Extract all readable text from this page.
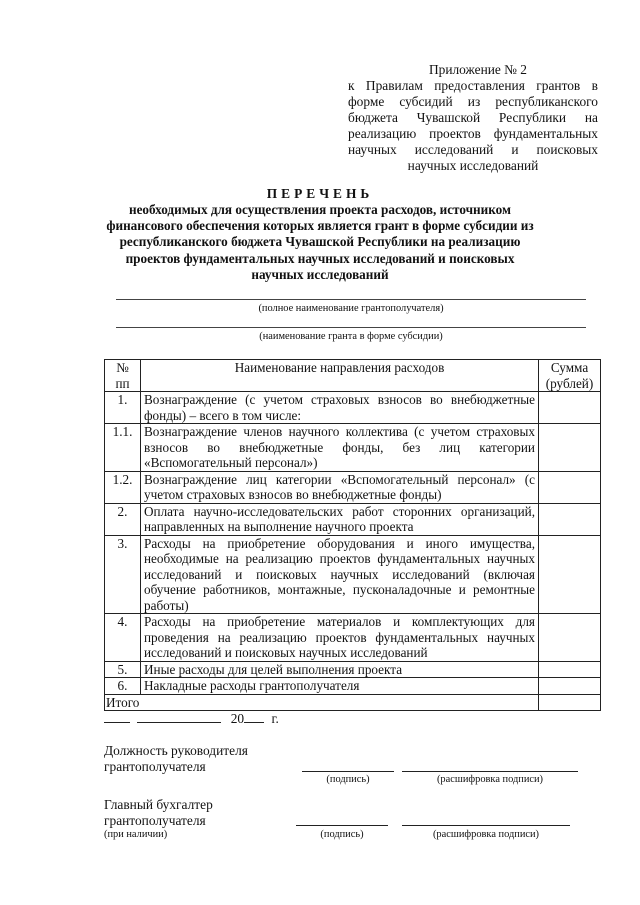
Приложение № 2
к Правилам предоставления грантов в форме субсидий из республиканского бюджета Чувашской Республики на реализацию проектов фундаментальных научных исследований и поисковых научных исследований
ПЕРЕЧЕНЬ
необходимых для осуществления проекта расходов, источником финансового обеспечения которых является грант в форме субсидии из республиканского бюджета Чувашской Республики на реализацию проектов фундаментальных научных исследований и поисковых научных исследований
(полное наименование грантополучателя)
(наименование гранта в форме субсидии)
№ пп	Наименование направления расходов	Сумма (рублей)
1.	Вознаграждение (с учетом страховых взносов во внебюджетные фонды) – всего в том числе:	
1.1.	Вознаграждение членов научного коллектива (с учетом страховых взносов во внебюджетные фонды, без лиц категории «Вспомогательный персонал»)	
1.2.	Вознаграждение лиц категории «Вспомогательный персонал» (с учетом страховых взносов во внебюджетные фонды)	
2.	Оплата научно-исследовательских работ сторонних организаций, направленных на выполнение научного проекта	
3.	Расходы на приобретение оборудования и иного имущества, необходимые на реализацию проектов фундаментальных научных исследований и поисковых научных исследований (включая обучение работников, монтажные, пусконаладочные и ремонтные работы)	
4.	Расходы на приобретение материалов и комплектующих для проведения на реализацию проектов фундаментальных научных исследований и поисковых научных исследований	
5.	Иные расходы для целей выполнения проекта	
6.	Накладные расходы грантополучателя	
Итого		
20 г.
Должность руководителя грантополучателя
(подпись)	(расшифровка подписи)
Главный бухгалтер грантополучателя
(при наличии)	(подпись)	(расшифровка подписи)
